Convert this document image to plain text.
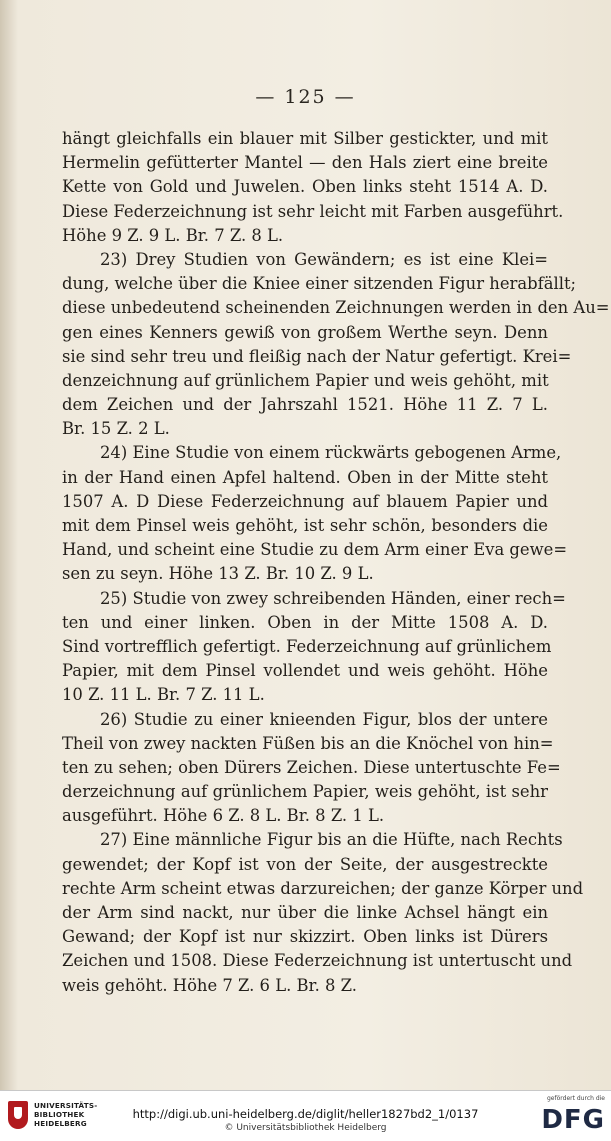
— 125 —
hängt gleichfalls ein blauer mit Silber gestickter, und mit
Hermelin gefütterter Mantel — den Hals ziert eine breite
Kette von Gold und Juwelen. Oben links steht 1514 A. D.
Diese Federzeichnung ist sehr leicht mit Farben ausgeführt.
Höhe 9 Z. 9 L. Br. 7 Z. 8 L.
23) Drey Studien von Gewändern; es ist eine Klei=
dung, welche über die Kniee einer sitzenden Figur herabfällt;
diese unbedeutend scheinenden Zeichnungen werden in den Au=
gen eines Kenners gewiß von großem Werthe seyn. Denn
sie sind sehr treu und fleißig nach der Natur gefertigt. Krei=
denzeichnung auf grünlichem Papier und weis gehöht, mit
dem Zeichen und der Jahrszahl 1521. Höhe 11 Z. 7 L.
Br. 15 Z. 2 L.
24) Eine Studie von einem rückwärts gebogenen Arme,
in der Hand einen Apfel haltend. Oben in der Mitte steht
1507 A. D Diese Federzeichnung auf blauem Papier und
mit dem Pinsel weis gehöht, ist sehr schön, besonders die
Hand, und scheint eine Studie zu dem Arm einer Eva gewe=
sen zu seyn. Höhe 13 Z. Br. 10 Z. 9 L.
25) Studie von zwey schreibenden Händen, einer rech=
ten und einer linken. Oben in der Mitte 1508 A. D.
Sind vortrefflich gefertigt. Federzeichnung auf grünlichem
Papier, mit dem Pinsel vollendet und weis gehöht. Höhe
10 Z. 11 L. Br. 7 Z. 11 L.
26) Studie zu einer knieenden Figur, blos der untere
Theil von zwey nackten Füßen bis an die Knöchel von hin=
ten zu sehen; oben Dürers Zeichen. Diese untertuschte Fe=
derzeichnung auf grünlichem Papier, weis gehöht, ist sehr
ausgeführt. Höhe 6 Z. 8 L. Br. 8 Z. 1 L.
27) Eine männliche Figur bis an die Hüfte, nach Rechts
gewendet; der Kopf ist von der Seite, der ausgestreckte
rechte Arm scheint etwas darzureichen; der ganze Körper und
der Arm sind nackt, nur über die linke Achsel hängt ein
Gewand; der Kopf ist nur skizzirt. Oben links ist Dürers
Zeichen und 1508. Diese Federzeichnung ist untertuscht und
weis gehöht. Höhe 7 Z. 6 L. Br. 8 Z.
UNIVERSITÄTS-
BIBLIOTHEK
HEIDELBERG
http://digi.ub.uni-heidelberg.de/diglit/heller1827bd2_1/0137
© Universitätsbibliothek Heidelberg
gefördert durch die
DFG
